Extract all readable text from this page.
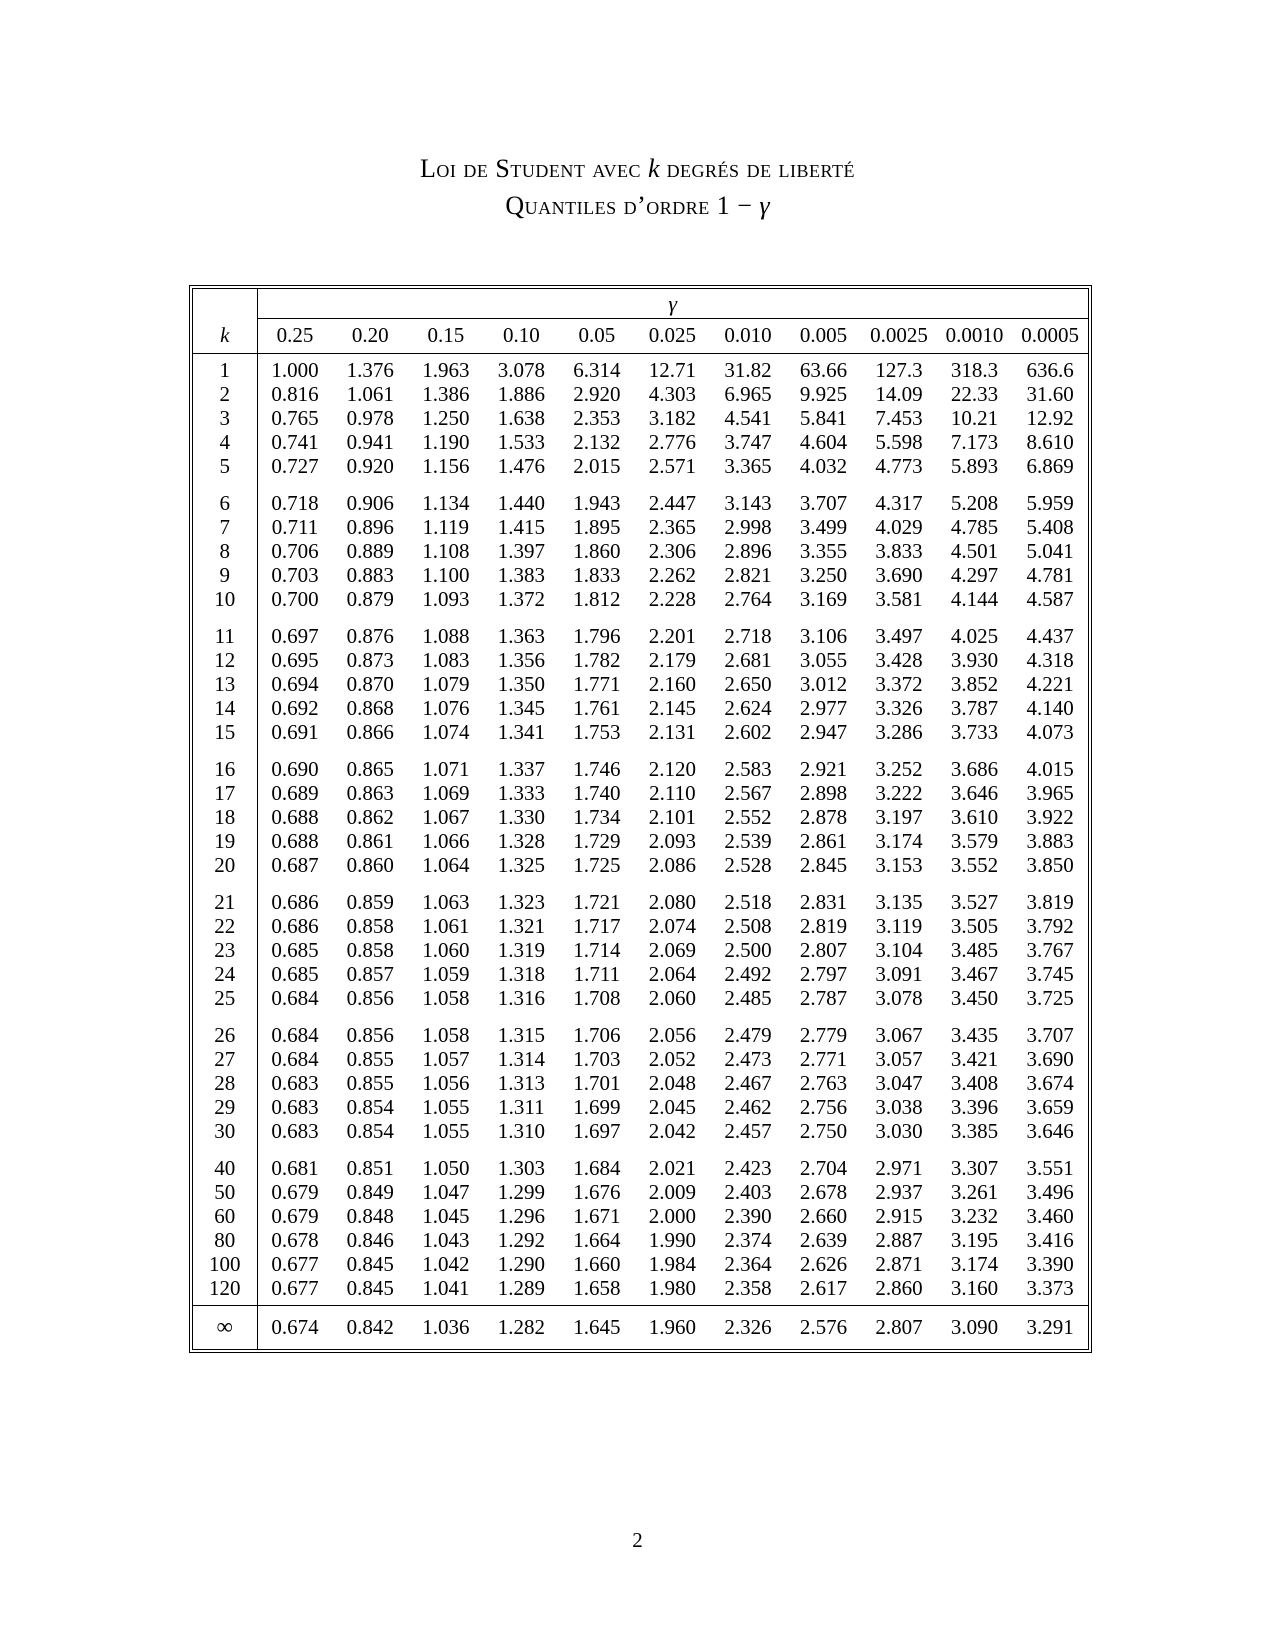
Loi de Student avec k degrés de liberté
Quantiles d’ordre 1 − γ
	γ										
k	0.25	0.20	0.15	0.10	0.05	0.025	0.010	0.005	0.0025	0.0010	0.0005
1	1.000	1.376	1.963	3.078	6.314	12.71	31.82	63.66	127.3	318.3	636.6
2	0.816	1.061	1.386	1.886	2.920	4.303	6.965	9.925	14.09	22.33	31.60
3	0.765	0.978	1.250	1.638	2.353	3.182	4.541	5.841	7.453	10.21	12.92
4	0.741	0.941	1.190	1.533	2.132	2.776	3.747	4.604	5.598	7.173	8.610
5	0.727	0.920	1.156	1.476	2.015	2.571	3.365	4.032	4.773	5.893	6.869
6	0.718	0.906	1.134	1.440	1.943	2.447	3.143	3.707	4.317	5.208	5.959
7	0.711	0.896	1.119	1.415	1.895	2.365	2.998	3.499	4.029	4.785	5.408
8	0.706	0.889	1.108	1.397	1.860	2.306	2.896	3.355	3.833	4.501	5.041
9	0.703	0.883	1.100	1.383	1.833	2.262	2.821	3.250	3.690	4.297	4.781
10	0.700	0.879	1.093	1.372	1.812	2.228	2.764	3.169	3.581	4.144	4.587
11	0.697	0.876	1.088	1.363	1.796	2.201	2.718	3.106	3.497	4.025	4.437
12	0.695	0.873	1.083	1.356	1.782	2.179	2.681	3.055	3.428	3.930	4.318
13	0.694	0.870	1.079	1.350	1.771	2.160	2.650	3.012	3.372	3.852	4.221
14	0.692	0.868	1.076	1.345	1.761	2.145	2.624	2.977	3.326	3.787	4.140
15	0.691	0.866	1.074	1.341	1.753	2.131	2.602	2.947	3.286	3.733	4.073
16	0.690	0.865	1.071	1.337	1.746	2.120	2.583	2.921	3.252	3.686	4.015
17	0.689	0.863	1.069	1.333	1.740	2.110	2.567	2.898	3.222	3.646	3.965
18	0.688	0.862	1.067	1.330	1.734	2.101	2.552	2.878	3.197	3.610	3.922
19	0.688	0.861	1.066	1.328	1.729	2.093	2.539	2.861	3.174	3.579	3.883
20	0.687	0.860	1.064	1.325	1.725	2.086	2.528	2.845	3.153	3.552	3.850
21	0.686	0.859	1.063	1.323	1.721	2.080	2.518	2.831	3.135	3.527	3.819
22	0.686	0.858	1.061	1.321	1.717	2.074	2.508	2.819	3.119	3.505	3.792
23	0.685	0.858	1.060	1.319	1.714	2.069	2.500	2.807	3.104	3.485	3.767
24	0.685	0.857	1.059	1.318	1.711	2.064	2.492	2.797	3.091	3.467	3.745
25	0.684	0.856	1.058	1.316	1.708	2.060	2.485	2.787	3.078	3.450	3.725
26	0.684	0.856	1.058	1.315	1.706	2.056	2.479	2.779	3.067	3.435	3.707
27	0.684	0.855	1.057	1.314	1.703	2.052	2.473	2.771	3.057	3.421	3.690
28	0.683	0.855	1.056	1.313	1.701	2.048	2.467	2.763	3.047	3.408	3.674
29	0.683	0.854	1.055	1.311	1.699	2.045	2.462	2.756	3.038	3.396	3.659
30	0.683	0.854	1.055	1.310	1.697	2.042	2.457	2.750	3.030	3.385	3.646
40	0.681	0.851	1.050	1.303	1.684	2.021	2.423	2.704	2.971	3.307	3.551
50	0.679	0.849	1.047	1.299	1.676	2.009	2.403	2.678	2.937	3.261	3.496
60	0.679	0.848	1.045	1.296	1.671	2.000	2.390	2.660	2.915	3.232	3.460
80	0.678	0.846	1.043	1.292	1.664	1.990	2.374	2.639	2.887	3.195	3.416
100	0.677	0.845	1.042	1.290	1.660	1.984	2.364	2.626	2.871	3.174	3.390
120	0.677	0.845	1.041	1.289	1.658	1.980	2.358	2.617	2.860	3.160	3.373
∞	0.674	0.842	1.036	1.282	1.645	1.960	2.326	2.576	2.807	3.090	3.291
2
